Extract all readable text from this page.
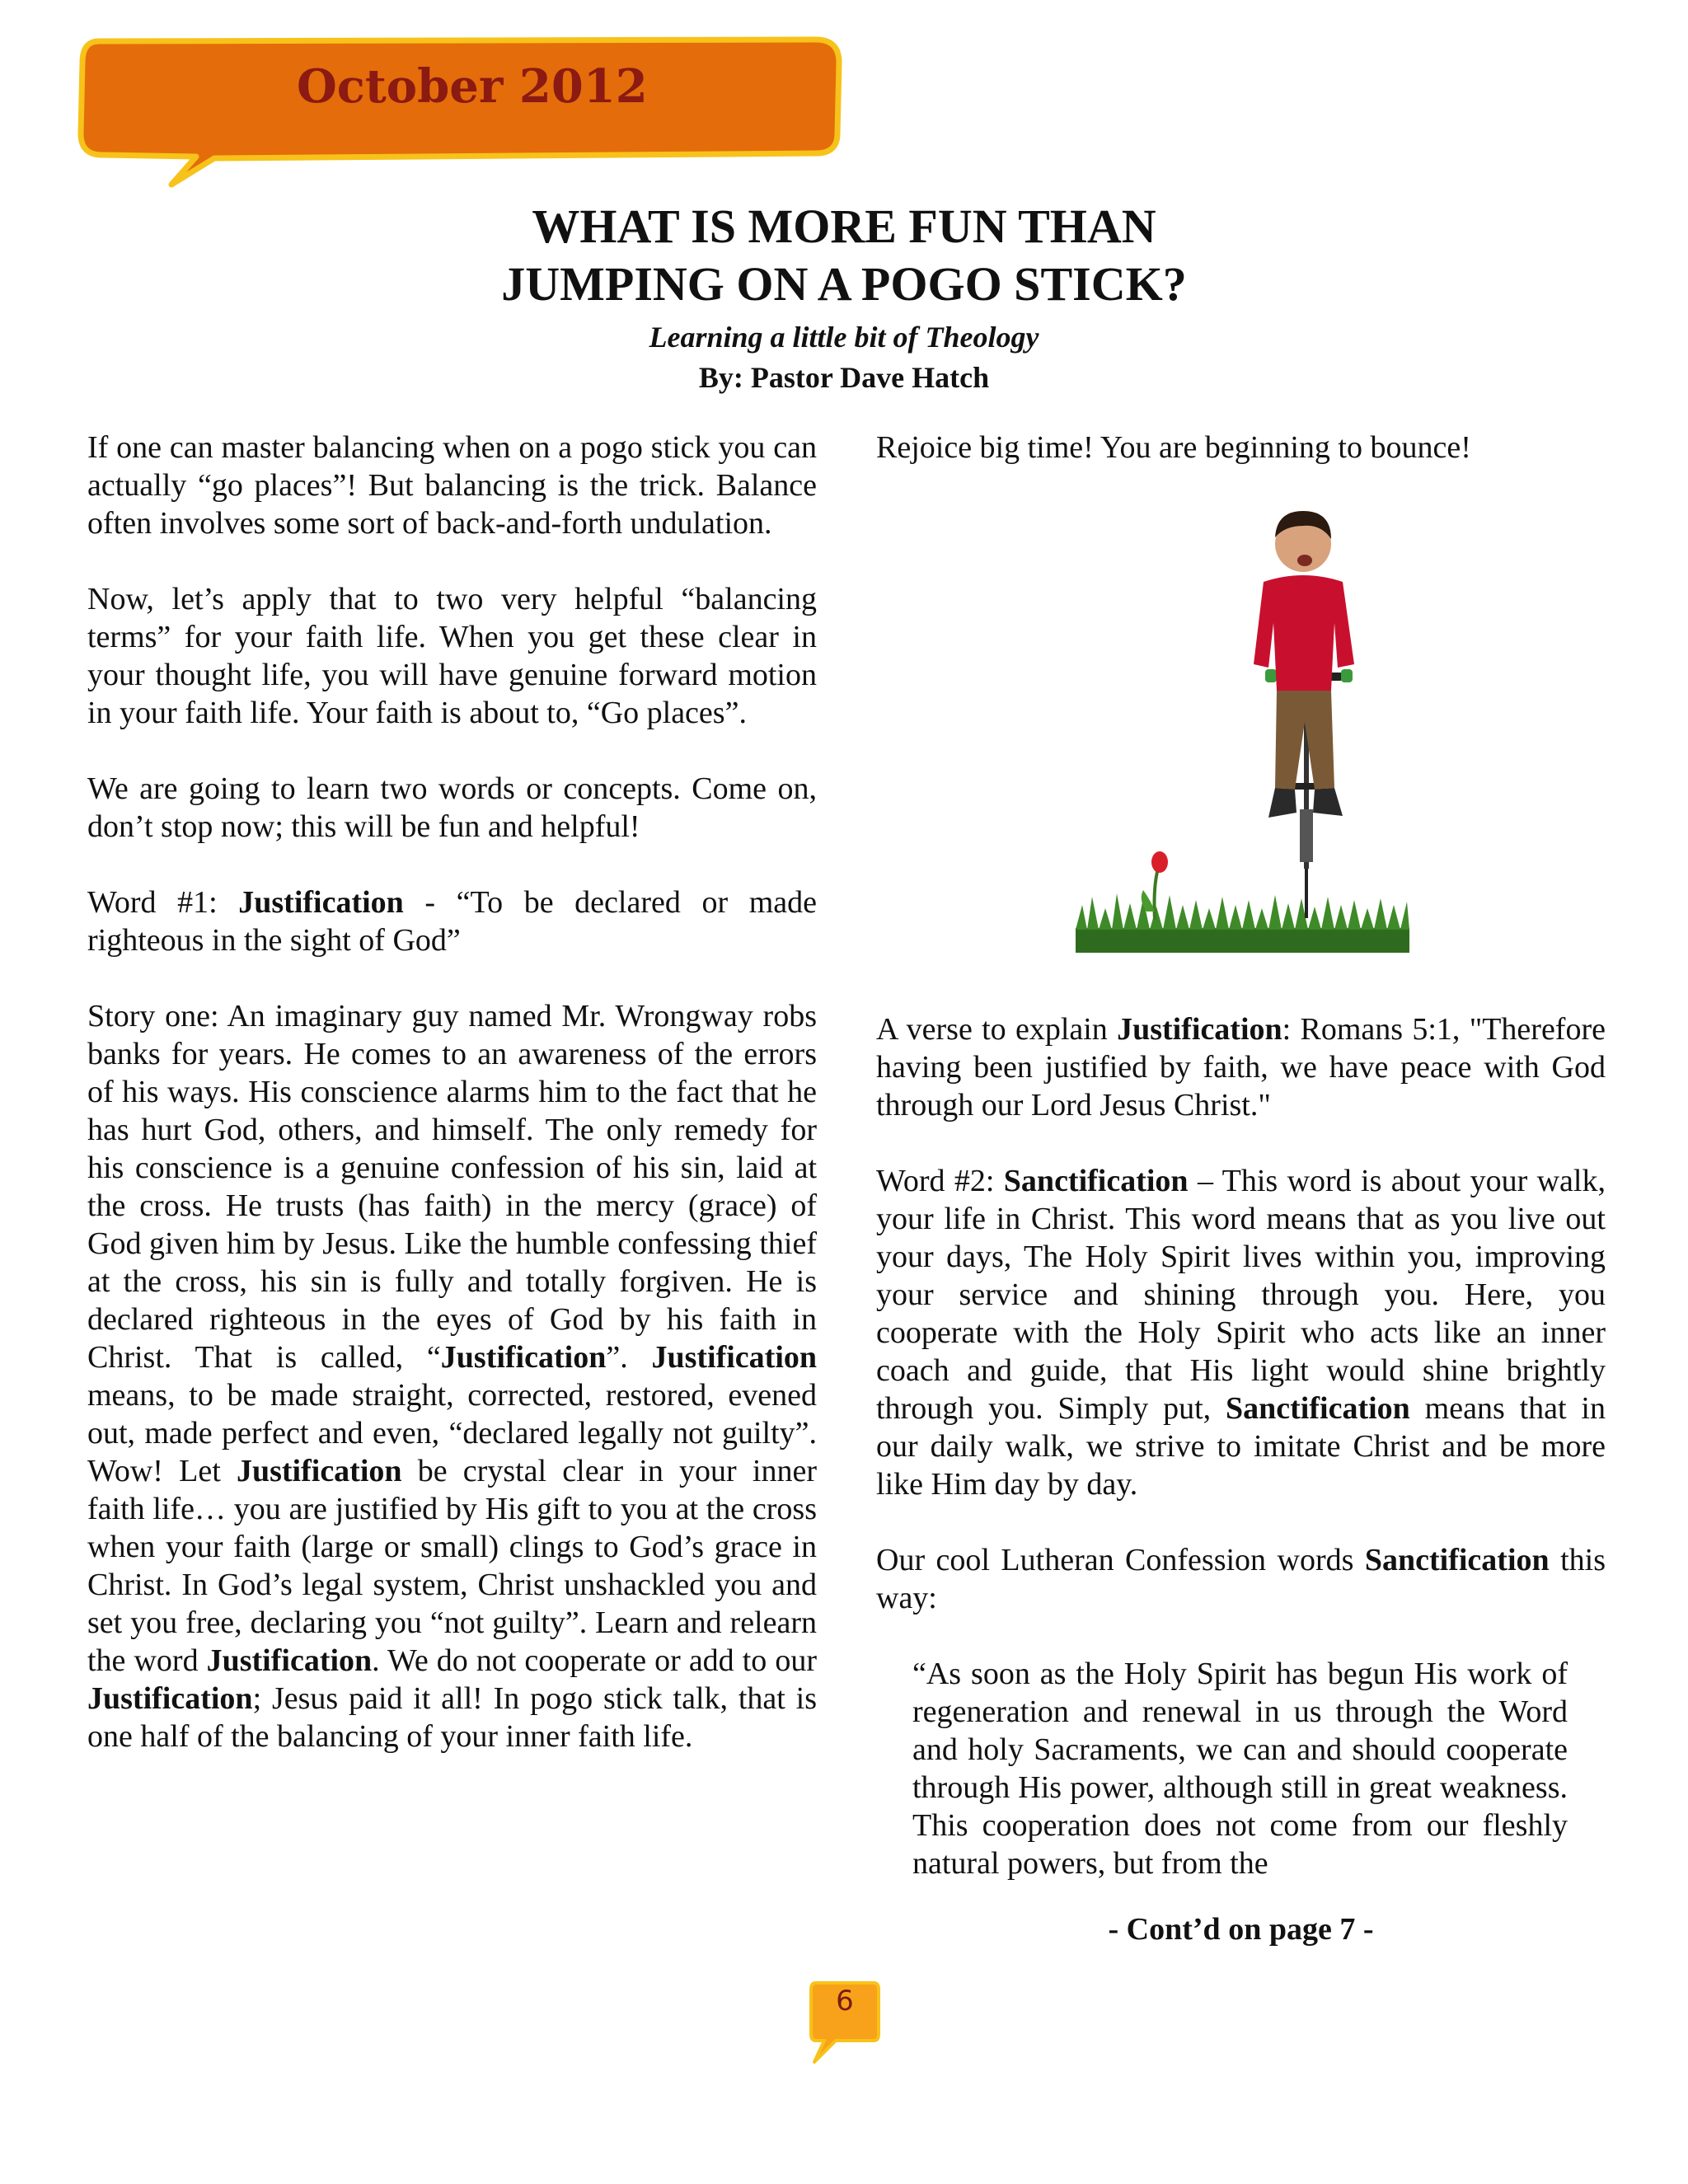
October 2012
WHAT IS MORE FUN THAN
JUMPING ON A POGO STICK?
Learning a little bit of Theology
By: Pastor Dave Hatch

If one can master balancing when on a pogo stick you can actually “go places”! But balancing is the trick. Balance often involves some sort of back-and-forth undulation.

Now, let’s apply that to two very helpful “balancing terms” for your faith life. When you get these clear in your thought life, you will have genuine forward motion in your faith life. Your faith is about to, “Go places”.

We are going to learn two words or concepts. Come on, don’t stop now; this will be fun and helpful!

Word #1: Justification - “To be declared or made righteous in the sight of God”

Story one: An imaginary guy named Mr. Wrongway robs banks for years. He comes to an awareness of the errors of his ways. His conscience alarms him to the fact that he has hurt God, others, and himself. The only remedy for his conscience is a genuine confession of his sin, laid at the cross. He trusts (has faith) in the mercy (grace) of God given him by Jesus. Like the humble confessing thief at the cross, his sin is fully and totally forgiven. He is declared righteous in the eyes of God by his faith in Christ. That is called, “Justification”. Justification means, to be made straight, corrected, restored, evened out, made perfect and even, “declared legally not guilty”. Wow! Let Justification be crystal clear in your inner faith life… you are justified by His gift to you at the cross when your faith (large or small) clings to God’s grace in Christ. In God’s legal system, Christ unshackled you and set you free, declaring you “not guilty”. Learn and relearn the word Justification. We do not cooperate or add to our Justification; Jesus paid it all! In pogo stick talk, that is one half of the balancing of your inner faith life.

Rejoice big time! You are beginning to bounce!

A verse to explain Justification: Romans 5:1, "Therefore having been justified by faith, we have peace with God through our Lord Jesus Christ."

Word #2: Sanctification – This word is about your walk, your life in Christ. This word means that as you live out your days, The Holy Spirit lives within you, improving your service and shining through you. Here, you cooperate with the Holy Spirit who acts like an inner coach and guide, that His light would shine brightly through you. Simply put, Sanctification means that in our daily walk, we strive to imitate Christ and be more like Him day by day.

Our cool Lutheran Confession words Sanctification this way:

“As soon as the Holy Spirit has begun His work of regeneration and renewal in us through the Word and holy Sacraments, we can and should cooperate through His power, although still in great weakness. This cooperation does not come from our fleshly natural powers, but from the
- Cont’d on page 7 -
6
